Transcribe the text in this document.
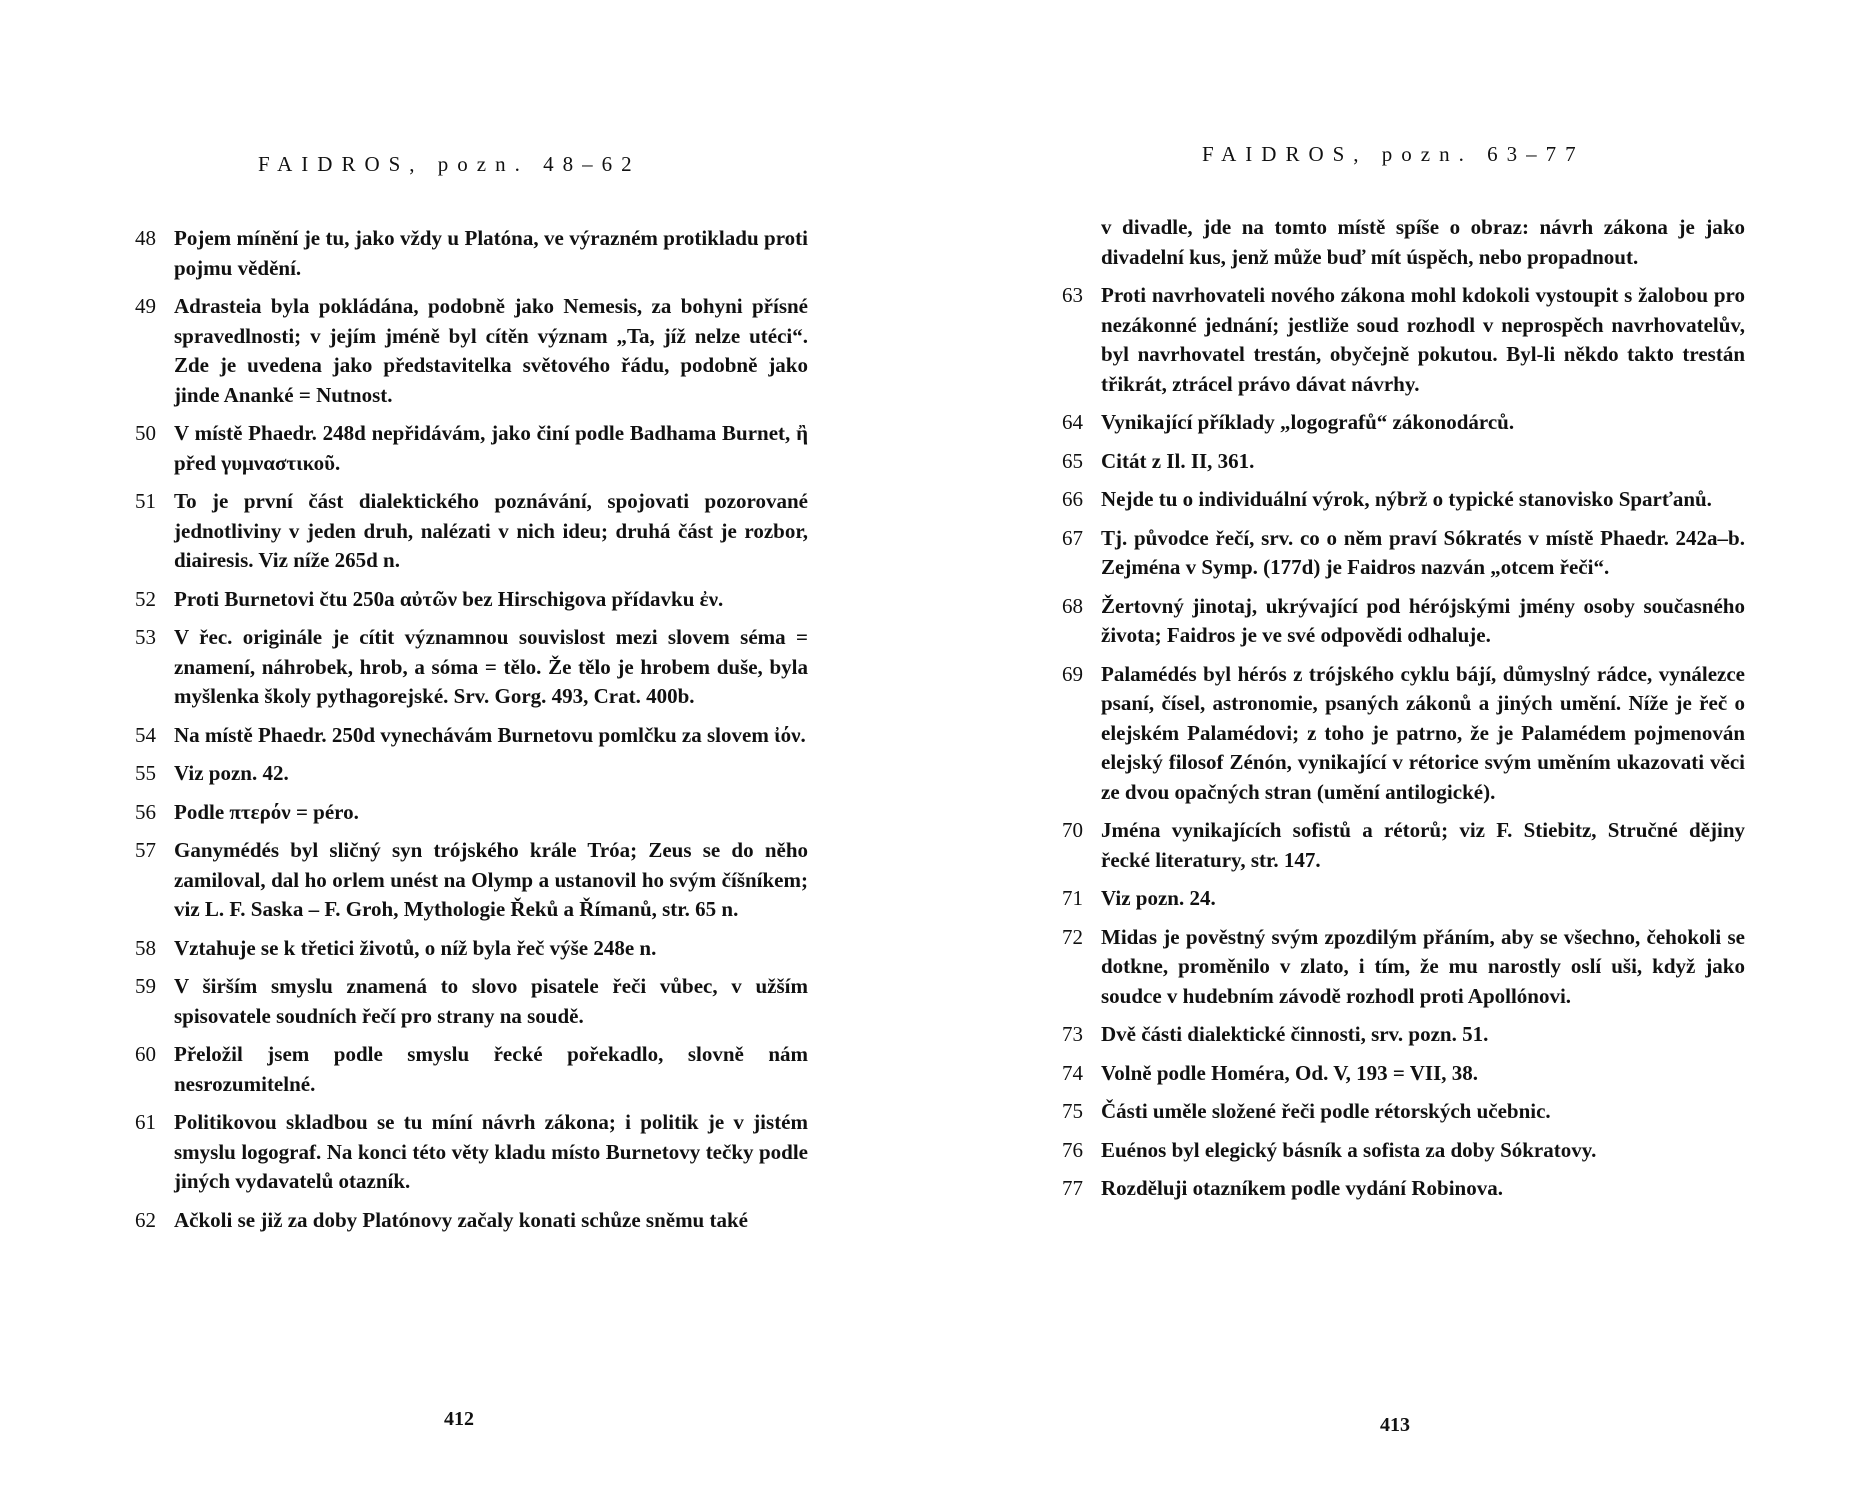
FAIDROS, pozn. 48–62
48 Pojem mínění je tu, jako vždy u Platóna, ve výrazném protikladu proti pojmu vědění.
49 Adrasteia byla pokládána, podobně jako Nemesis, za bohyni přísné spravedlnosti; v jejím jméně byl cítěn význam „Ta, jíž nelze utéci“. Zde je uvedena jako představitelka světového řádu, podobně jako jinde Ananké = Nutnost.
50 V místě Phaedr. 248d nepřidávám, jako činí podle Badhama Burnet, ἢ před γυμναστικοῦ.
51 To je první část dialektického poznávání, spojovati pozorované jednotliviny v jeden druh, nalézati v nich ideu; druhá část je rozbor, diairesis. Viz níže 265d n.
52 Proti Burnetovi čtu 250a αὐτῶν bez Hirschigova přídavku ἐν.
53 V řec. originále je cítit významnou souvislost mezi slovem séma = znamení, náhrobek, hrob, a sóma = tělo. Že tělo je hrobem duše, byla myšlenka školy pythagorejské. Srv. Gorg. 493, Crat. 400b.
54 Na místě Phaedr. 250d vynechávám Burnetovu pomlčku za slovem ἰόν.
55 Viz pozn. 42.
56 Podle πτερόν = péro.
57 Ganymédés byl sličný syn trójského krále Tróa; Zeus se do něho zamiloval, dal ho orlem unést na Olymp a ustanovil ho svým číšníkem; viz L. F. Saska – F. Groh, Mythologie Řeků a Římanů, str. 65 n.
58 Vztahuje se k třetici životů, o níž byla řeč výše 248e n.
59 V širším smyslu znamená to slovo pisatele řeči vůbec, v užším spisovatele soudních řečí pro strany na soudě.
60 Přeložil jsem podle smyslu řecké pořekadlo, slovně nám nesrozumitelné.
61 Politikovou skladbou se tu míní návrh zákona; i politik je v jistém smyslu logograf. Na konci této věty kladu místo Burnetovy tečky podle jiných vydavatelů otazník.
62 Ačkoli se již za doby Platónovy začaly konati schůze sněmu také
412
FAIDROS, pozn. 63–77
v divadle, jde na tomto místě spíše o obraz: návrh zákona je jako divadelní kus, jenž může buď mít úspěch, nebo propadnout.
63 Proti navrhovateli nového zákona mohl kdokoli vystoupit s žalobou pro nezákonné jednání; jestliže soud rozhodl v neprospěch navrhovatelův, byl navrhovatel trestán, obyčejně pokutou. Byl-li někdo takto trestán třikrát, ztrácel právo dávat návrhy.
64 Vynikající příklady „logografů“ zákonodárců.
65 Citát z Il. II, 361.
66 Nejde tu o individuální výrok, nýbrž o typické stanovisko Sparťanů.
67 Tj. původce řečí, srv. co o něm praví Sókratés v místě Phaedr. 242a–b. Zejména v Symp. (177d) je Faidros nazván „otcem řeči“.
68 Žertovný jinotaj, ukrývající pod hérójskými jmény osoby současného života; Faidros je ve své odpovědi odhaluje.
69 Palamédés byl hérós z trójského cyklu bájí, důmyslný rádce, vynálezce psaní, čísel, astronomie, psaných zákonů a jiných umění. Níže je řeč o elejském Palamédovi; z toho je patrno, že je Palamédem pojmenován elejský filosof Zénón, vynikající v rétorice svým uměním ukazovati věci ze dvou opačných stran (umění antilogické).
70 Jména vynikajících sofistů a rétorů; viz F. Stiebitz, Stručné dějiny řecké literatury, str. 147.
71 Viz pozn. 24.
72 Midas je pověstný svým zpozdilým přáním, aby se všechno, čehokoli se dotkne, proměnilo v zlato, i tím, že mu narostly oslí uši, když jako soudce v hudebním závodě rozhodl proti Apollónovi.
73 Dvě části dialektické činnosti, srv. pozn. 51.
74 Volně podle Homéra, Od. V, 193 = VII, 38.
75 Části uměle složené řeči podle rétorských učebnic.
76 Euénos byl elegický básník a sofista za doby Sókratovy.
77 Rozděluji otazníkem podle vydání Robinova.
413
